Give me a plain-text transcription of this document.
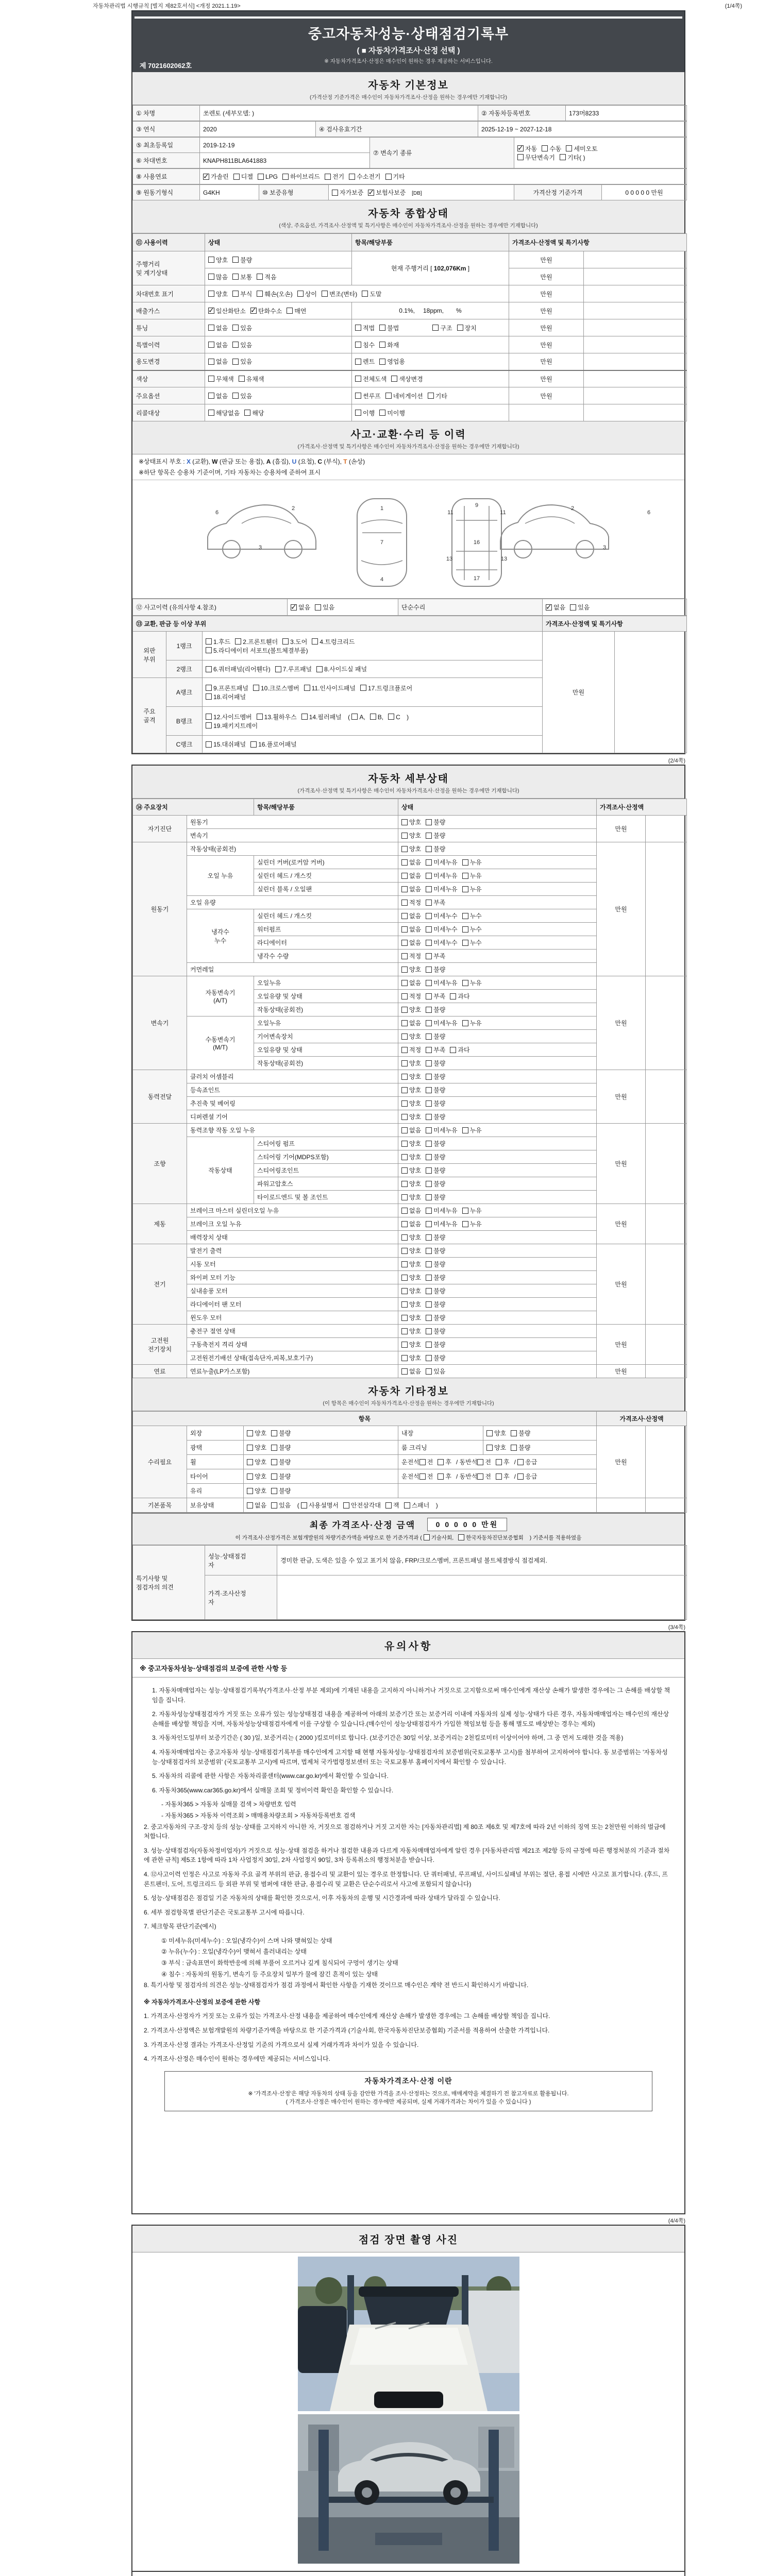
자동차관리법 시행규칙 [별지 제82호서식] <개정 2021.1.19>	(1/4쪽)
중고자동차성능·상태점검기록부
( ■ 자동차가격조사·산정 선택 )
※ 자동차가격조사·산정은 매수인이 원하는 경우 제공하는 서비스입니다.
제 7021602062호
자동차 기본정보
(가격산정 기준가격은 매수인이 자동차가격조사·산정을 원하는 경우에만 기재합니다)
① 차명	쏘렌토 (세부모델: )	② 자동차등록번호	173머8233
③ 연식	2020	④ 검사유효기간	2025-12-19 ~ 2027-12-18
⑤ 최초등록일	2019-12-19	⑦ 변속기 종류	✓자동 수동 세미오토
무단변속기 기타( )
⑥ 차대번호	KNAPH811BLA641883		
⑧ 사용연료	✓가솔린 디젤 LPG 하이브리드 전기 수소전기 기타
⑨ 원동기형식	G4KH	⑩ 보증유형	자가보증 ✓ 보험사보증 [DB]	가격산정 기준가격	0 0 0 0 0 만원
자동차 종합상태
(색상, 주요옵션, 가격조사·산정액 및 특기사항은 매수인이 자동차가격조사·산정을 원하는 경우에만 기재합니다)
⑪ 사용이력	상태	항목/해당부품	가격조사·산정액 및 특기사항	
주행거리
및 계기상태	양호 불량	현재 주행거리 [ 102,076Km ]	만원	
	많음 보통 적음		만원	
차대번호 표기	양호 부식 훼손(오손) 상이 변조(변타) 도말		만원	
배출가스	✓일산화탄소 ✓ 탄화수소 매연	0.1%, 18ppm, %	만원	
튜닝	없음 있음	적법 불법 구조 장치	만원	
특별이력	없음 있음	침수 화재	만원	
용도변경	없음 있음	렌트 영업용	만원	
색상	무채색 유채색	전체도색 색상변경	만원	
주요옵션	없음 있음	썬루프 네비게이션 기타	만원	
리콜대상	해당없음 해당	이행 미이행		
사고·교환·수리 등 이력
(가격조사·산정액 및 특기사항은 매수인이 자동차가격조사·산정을 원하는 경우에만 기재합니다)
※상태표시 부호 : X (교환), W (판금 또는 용접), A (흠집), U (요철), C (부식), T (손상)
※하단 항목은 승용차 기준이며, 기타 자동차는 승용차에 준하여 표시
2
3
6
1
7
4
9
11	11
13	13
16
17
2
3
6
⑫ 사고이력 (유의사항 4.참조)	✓없음 있음	단순수리	✓없음 있음
⑬ 교환, 판금 등 이상 부위			가격조사·산정액 및 특기사항	
외판
부위	1랭크	1.후드 2.프론트휀더 3.도어 4.트렁크리드
5.라디에이터 서포트(볼트체결부품)	만원	
	2랭크	6.쿼터패널(리어휀다) 7.루프패널 8.사이드실 패널		
주요
골격	A랭크	9.프론트패널 10.크로스멤버 11.인사이드패널 17.트렁크플로어
18.리어패널		
	B랭크	12.사이드멤버 13.휠하우스 14.필러패널 ( A, B, C )
19.패키지트레이		
	C랭크	15.대쉬패널 16.플로어패널		
(2/4쪽)
자동차 세부상태
(가격조사·산정액 및 특기사항은 매수인이 자동차가격조사·산정을 원하는 경우에만 기재합니다)
⑭ 주요장치		항목/해당부품	상태	가격조사·산정액	
자기진단	원동기		양호 불량	만원	
	변속기		양호 불량		
원동기	작동상태(공회전)		양호 불량	만원	
	오일 누유	실린더 커버(로커암 커버)	없음 미세누유 누유		
		실린더 헤드 / 개스킷	없음 미세누유 누유		
		실린더 블록 / 오일팬	없음 미세누유 누유		
	오일 유량		적정 부족		
	냉각수
누수	실린더 헤드 / 개스킷	없음 미세누수 누수		
		워터펌프	없음 미세누수 누수		
		라디에이터	없음 미세누수 누수		
		냉각수 수량	적정 부족		
	커먼레일		양호 불량		
변속기	자동변속기
(A/T)	오일누유	없음 미세누유 누유	만원	
		오일유량 및 상태	적정 부족 과다		
		작동상태(공회전)	양호 불량		
	수동변속기
(M/T)	오일누유	없음 미세누유 누유		
		기어변속장치	양호 불량		
		오일유량 및 상태	적정 부족 과다		
		작동상태(공회전)	양호 불량		
동력전달	클러치 어셈블리		양호 불량	만원	
	등속죠인트		양호 불량		
	추진축 및 베어링		양호 불량		
	디퍼렌셜 기어		양호 불량		
조향	동력조향 작동 오일 누유		없음 미세누유 누유	만원	
	작동상태	스티어링 펌프	양호 불량		
		스티어링 기어(MDPS포함)	양호 불량		
		스티어링조인트	양호 불량		
		파워고압호스	양호 불량		
		타이로드엔드 및 볼 조인트	양호 불량		
제동	브레이크 마스터 실린더오일 누유		없음 미세누유 누유	만원	
	브레이크 오일 누유		없음 미세누유 누유		
	배력장치 상태		양호 불량		
전기	발전기 출력		양호 불량	만원	
	시동 모터		양호 불량		
	와이퍼 모터 기능		양호 불량		
	실내송풍 모터		양호 불량		
	라디에이터 팬 모터		양호 불량		
	윈도우 모터		양호 불량		
고전원
전기장치	충전구 절연 상태		양호 불량	만원	
	구동축전지 격리 상태		양호 불량		
	고전원전기배선 상태(접속단자,피복,보호기구)		양호 불량		
연료	연료누출(LP가스포함)		없음 있음	만원	
자동차 기타정보
(이 항목은 매수인이 자동차가격조사·산정을 원하는 경우에만 기재합니다)
항목					가격조사·산정액	
수리필요	외장	양호 불량	내장	양호 불량	만원	
	광택	양호 불량	룸 크리닝	양호 불량		
	휠	양호 불량	운전석 전 후 / 동반석 전 후 / 응급			
	타이어	양호 불량	운전석 전 후 / 동반석 전 후 / 응급			
	유리	양호 불량				
기본품목	보유상태	없음 있음 ( 사용설명서 안전삼각대 잭 스패너 )				
최종 가격조사·산정 금액	0 0 0 0 0 만원
이 가격조사·산정가격은 보험개발원의 차량기준가액을 바탕으로 한 기준가격과 ( 기술사회, 한국자동차진단보증협회 ) 기준서를 적용하였음
특기사항 및
점검자의 의견	성능·상태점검
자	경미한 판금, 도색은 있을 수 있고 표기치 않음, FRP/크로스멤버, 프론트패널 볼트체결방식 점검제외.
	가격·조사산정
자	
(3/4쪽)
유의사항
※ 중고자동차성능·상태점검의 보증에 관한 사항 등
1. 자동차매매업자는 성능·상태점검기록부(가격조사·산정 부분 제외)에 기재된 내용을 고지하지 아니하거나 거짓으로 고지함으로써 매수인에게 재산상 손해가 발생한 경우에는 그 손해를 배상할 책임을 집니다.
2. 자동차성능상태점검자가 거짓 또는 오류가 있는 성능상태점검 내용을 제공하여 아래의 보증기간 또는 보증거리 이내에 자동차의 실제 성능·상태가 다른 경우, 자동차매매업자는 매수인의 재산상 손해를 배상할 책임을 지며, 자동차성능상태점검자에게 이를 구상할 수 있습니다.(매수인이 성능상태점검자가 가입한 책임보험 등을 통해 별도로 배상받는 경우는 제외)
3. 자동차인도일부터 보증기간은 ( 30 )일, 보증거리는 ( 2000 )킬로미터로 합니다. (보증기간은 30일 이상, 보증거리는 2천킬로미터 이상이어야 하며, 그 중 먼저 도래한 것을 적용)
4. 자동차매매업자는 중고자동차 성능·상태점검기록부를 매수인에게 고지할 때 현행 자동차성능·상태점검자의 보증범위(국토교통부 고시)를 첨부하여 고지하여야 합니다. 동 보증범위는 '자동차성능·상태점검자의 보증범위' (국토교통부 고시)에 따르며, 법제처 국가법령정보센터 또는 국토교통부 홈페이지에서 확인할 수 있습니다.
5. 자동차의 리콜에 관한 사항은 자동차리콜센터(www.car.go.kr)에서 확인할 수 있습니다.
6. 자동차365(www.car365.go.kr)에서 실매물 조회 및 정비이력 확인을 확인할 수 있습니다.
- 자동차365 > 자동차 실매물 검색 > 차량번호 입력
- 자동차365 > 자동차 이력조회 > 매매용차량조회 > 자동차등록번호 검색
2. 중고자동차의 구조·장치 등의 성능·상태를 고지하지 아니한 자, 거짓으로 점검하거나 거짓 고지한 자는 [자동차관리법] 제 80조 제6호 및 제7호에 따라 2년 이하의 징역 또는 2천만원 이하의 벌금에 처합니다.
3. 성능·상태점검자(자동차정비업자)가 거짓으로 성능·상태 점검을 하거나 점검한 내용과 다르게 자동차매매업자에게 알린 경우 [자동차관리법 제21조 제2항 등의 규정에 따른 행정처분의 기준과 절차에 관한 규칙] 제5조 1항에 따라 1차 사업정지 30일, 2차 사업정지 90일, 3차 등록취소의 행정처분을 받습니다.
4. ⑫사고이력 인정은 사고로 자동차 주요 골격 부위의 판금, 용접수리 및 교환이 있는 경우로 한정합니다. 단 쿼터패널, 루프패널, 사이드실패널 부위는 절단, 용접 시에만 사고로 표기합니다. (후드, 프론트펜더, 도어, 트렁크리드 등 외판 부위 및 범퍼에 대한 판금, 용접수리 및 교환은 단순수리로서 사고에 포함되지 않습니다)
5. 성능·상태점검은 점검일 기준 자동차의 상태를 확인한 것으로서, 이후 자동차의 운행 및 시간경과에 따라 상태가 달라질 수 있습니다.
6. 세부 점검항목별 판단기준은 국토교통부 고시에 따릅니다.
7. 체크항목 판단기준(예시)
① 미세누유(미세누수) : 오일(냉각수)이 스며 나와 맺혀있는 상태
② 누유(누수) : 오일(냉각수)이 맺혀서 흘러내리는 상태
③ 부식 : 금속표면이 화학반응에 의해 부풀어 오르거나 깊게 침식되어 구멍이 생기는 상태
④ 침수 : 자동차의 원동기, 변속기 등 주요장치 일부가 물에 잠긴 흔적이 있는 상태
8. 특기사항 및 점검자의 의견은 성능·상태점검자가 점검 과정에서 확인한 사항을 기재한 것이므로 매수인은 계약 전 반드시 확인하시기 바랍니다.
※ 자동차가격조사·산정의 보증에 관한 사항
1. 가격조사·산정자가 거짓 또는 오류가 있는 가격조사·산정 내용을 제공하여 매수인에게 재산상 손해가 발생한 경우에는 그 손해를 배상할 책임을 집니다.
2. 가격조사·산정액은 보험개발원의 차량기준가액을 바탕으로 한 기준가격과 (기술사회, 한국자동차진단보증협회) 기준서를 적용하여 산출한 가격입니다.
3. 가격조사·산정 결과는 가격조사·산정일 기준의 가격으로서 실제 거래가격과 차이가 있을 수 있습니다.
4. 가격조사·산정은 매수인이 원하는 경우에만 제공되는 서비스입니다.
자동차가격조사·산정 이란
※ '가격조사·산정'은 해당 자동차의 상태 등을 감안한 가격을 조사·산정하는 것으로, 매매계약을 체결하기 전 참고자료로 활용됩니다.
( 가격조사·산정은 매수인이 원하는 경우에만 제공되며, 실제 거래가격과는 차이가 있을 수 있습니다 )
(4/4쪽)
점검 장면 촬영 사진
